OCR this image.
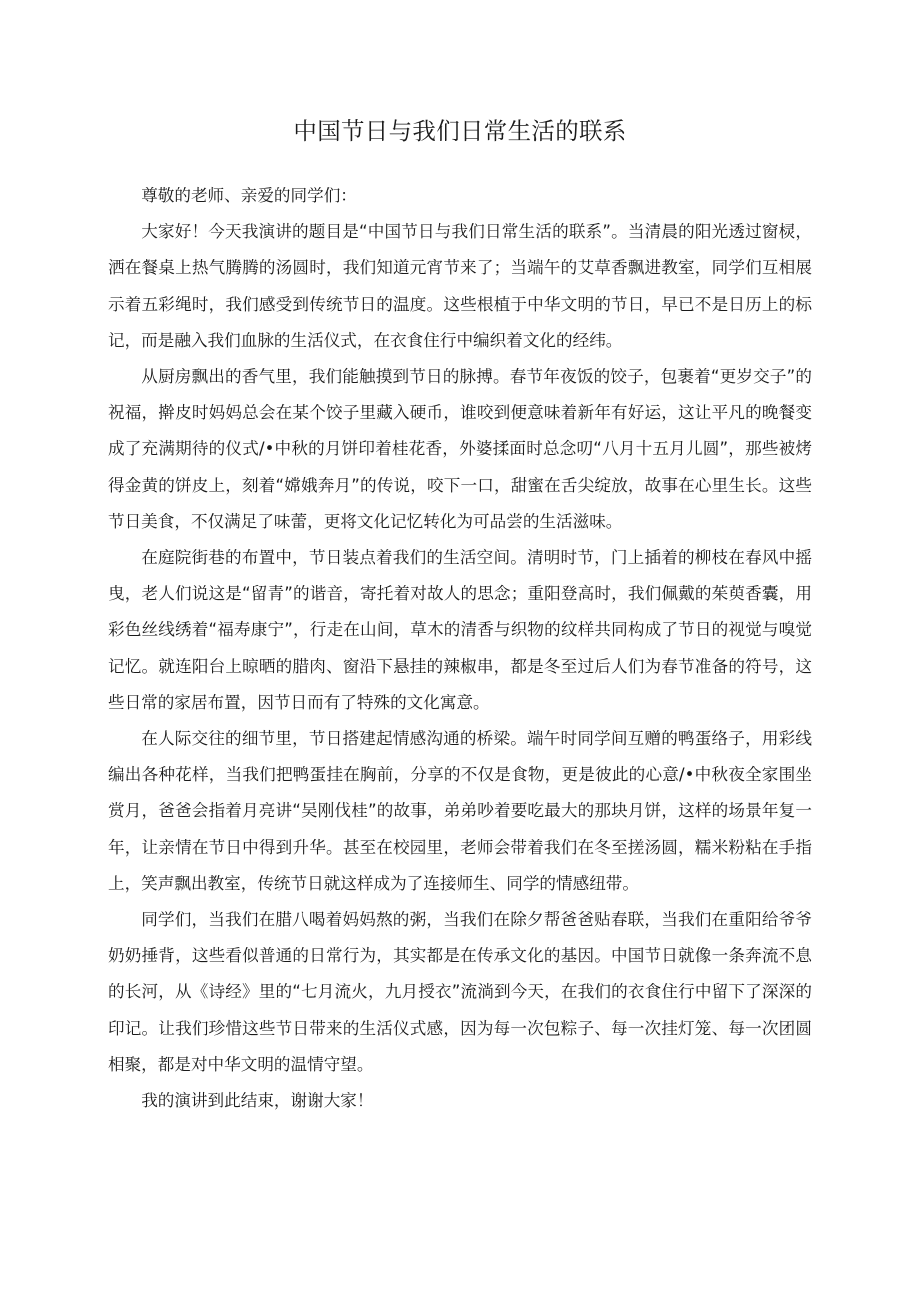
中国节日与我们日常生活的联系

尊敬的老师、亲爱的同学们：

大家好！今天我演讲的题目是“中国节日与我们日常生活的联系”。当清晨的阳光透过窗棂，洒在餐桌上热气腾腾的汤圆时，我们知道元宵节来了；当端午的艾草香飘进教室，同学们互相展示着五彩绳时，我们感受到传统节日的温度。这些根植于中华文明的节日，早已不是日历上的标记，而是融入我们血脉的生活仪式，在衣食住行中编织着文化的经纬。

从厨房飘出的香气里，我们能触摸到节日的脉搏。春节年夜饭的饺子，包裹着“更岁交子”的祝福，擀皮时妈妈总会在某个饺子里藏入硬币，谁咬到便意味着新年有好运，这让平凡的晚餐变成了充满期待的仪式/•中秋的月饼印着桂花香，外婆揉面时总念叨“八月十五月儿圆”，那些被烤得金黄的饼皮上，刻着“嫦娥奔月”的传说，咬下一口，甜蜜在舌尖绽放，故事在心里生长。这些节日美食，不仅满足了味蕾，更将文化记忆转化为可品尝的生活滋味。

在庭院街巷的布置中，节日装点着我们的生活空间。清明时节，门上插着的柳枝在春风中摇曳，老人们说这是“留青”的谐音，寄托着对故人的思念；重阳登高时，我们佩戴的茱萸香囊，用彩色丝线绣着“福寿康宁”，行走在山间，草木的清香与织物的纹样共同构成了节日的视觉与嗅觉记忆。就连阳台上晾晒的腊肉、窗沿下悬挂的辣椒串，都是冬至过后人们为春节准备的符号，这些日常的家居布置，因节日而有了特殊的文化寓意。

在人际交往的细节里，节日搭建起情感沟通的桥梁。端午时同学间互赠的鸭蛋络子，用彩线编出各种花样，当我们把鸭蛋挂在胸前，分享的不仅是食物，更是彼此的心意/•中秋夜全家围坐赏月，爸爸会指着月亮讲“吴刚伐桂”的故事，弟弟吵着要吃最大的那块月饼，这样的场景年复一年，让亲情在节日中得到升华。甚至在校园里，老师会带着我们在冬至搓汤圆，糯米粉粘在手指上，笑声飘出教室，传统节日就这样成为了连接师生、同学的情感纽带。

同学们，当我们在腊八喝着妈妈熬的粥，当我们在除夕帮爸爸贴春联，当我们在重阳给爷爷奶奶捶背，这些看似普通的日常行为，其实都是在传承文化的基因。中国节日就像一条奔流不息的长河，从《诗经》里的“七月流火，九月授衣”流淌到今天，在我们的衣食住行中留下了深深的印记。让我们珍惜这些节日带来的生活仪式感，因为每一次包粽子、每一次挂灯笼、每一次团圆相聚，都是对中华文明的温情守望。

我的演讲到此结束，谢谢大家！
